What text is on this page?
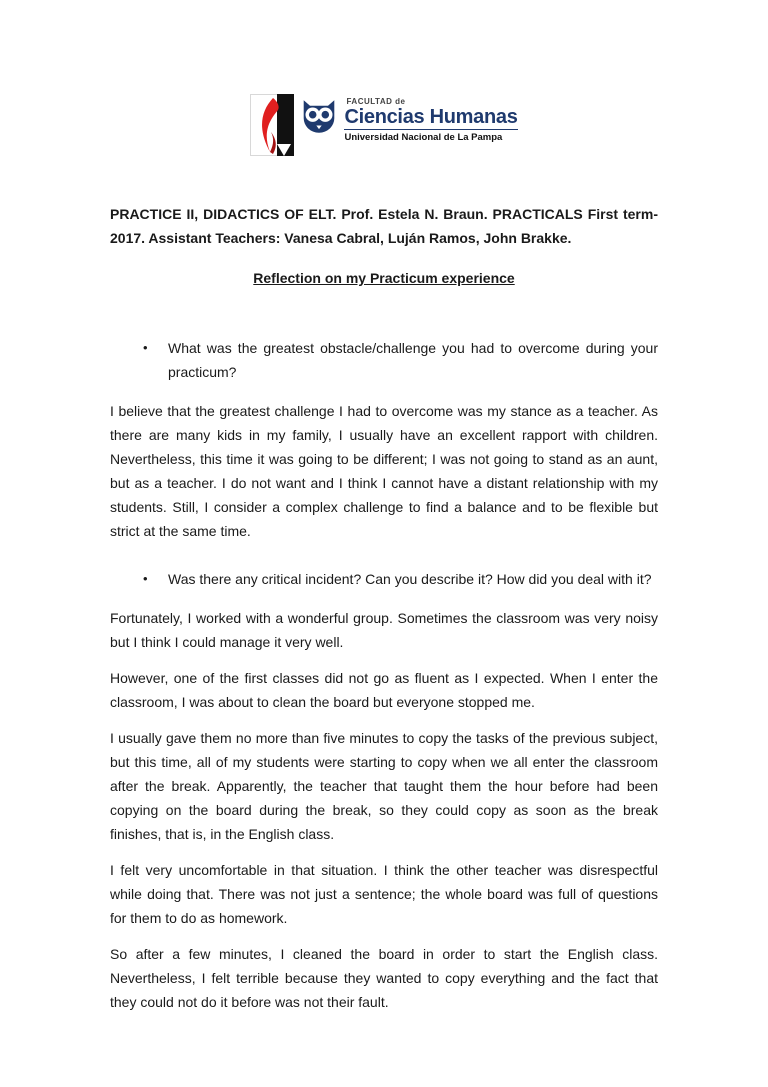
FACULTAD de
Ciencias Humanas
Universidad Nacional de La Pampa

PRACTICE II, DIDACTICS OF ELT. Prof. Estela N. Braun. PRACTICALS First term- 2017. Assistant Teachers: Vanesa Cabral, Luján Ramos, John Brakke.

Reflection on my Practicum experience

•	What was the greatest obstacle/challenge you had to overcome during your practicum?

I believe that the greatest challenge I had to overcome was my stance as a teacher. As there are many kids in my family, I usually have an excellent rapport with children. Nevertheless, this time it was going to be different; I was not going to stand as an aunt, but as a teacher. I do not want and I think I cannot have a distant relationship with my students. Still, I consider a complex challenge to find a balance and to be flexible but strict at the same time.

•	Was there any critical incident? Can you describe it? How did you deal with it?

Fortunately, I worked with a wonderful group. Sometimes the classroom was very noisy but I think I could manage it very well.

However, one of the first classes did not go as fluent as I expected. When I enter the classroom, I was about to clean the board but everyone stopped me.

I usually gave them no more than five minutes to copy the tasks of the previous subject, but this time, all of my students were starting to copy when we all enter the classroom after the break. Apparently, the teacher that taught them the hour before had been copying on the board during the break, so they could copy as soon as the break finishes, that is, in the English class.

I felt very uncomfortable in that situation. I think the other teacher was disrespectful while doing that. There was not just a sentence; the whole board was full of questions for them to do as homework.

So after a few minutes, I cleaned the board in order to start the English class. Nevertheless, I felt terrible because they wanted to copy everything and the fact that they could not do it before was not their fault.
